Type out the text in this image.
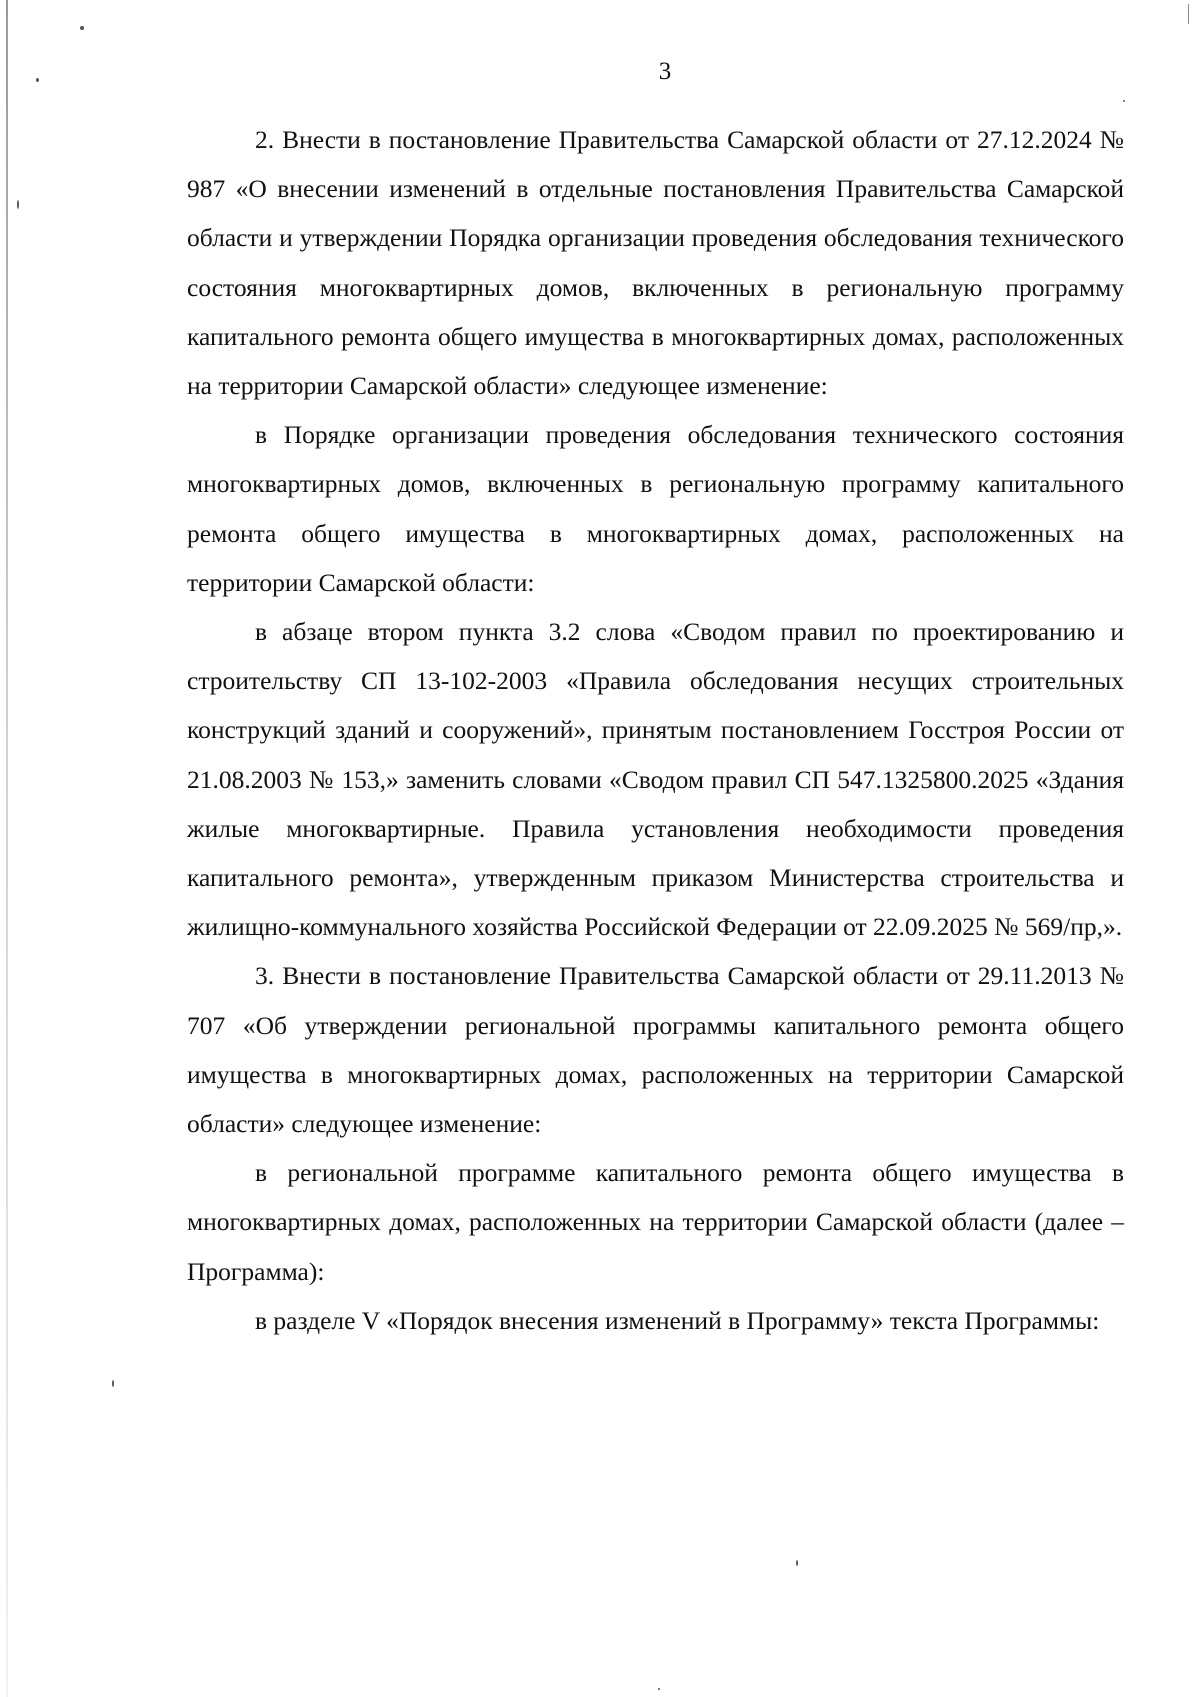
3

2. Внести в постановление Правительства Самарской области от 27.12.2024 № 987 «О внесении изменений в отдельные постановления Правительства Самарской области и утверждении Порядка организации проведения обследования технического состояния многоквартирных домов, включенных в региональную программу капитального ремонта общего имущества в многоквартирных домах, расположенных на территории Самарской области» следующее изменение:

в Порядке организации проведения обследования технического состояния многоквартирных домов, включенных в региональную программу капитального ремонта общего имущества в многоквартирных домах, расположенных на территории Самарской области:

в абзаце втором пункта 3.2 слова «Сводом правил по проектированию и строительству СП 13-102-2003 «Правила обследования несущих строительных конструкций зданий и сооружений», принятым постановлением Госстроя России от 21.08.2003 № 153,» заменить словами «Сводом правил СП 547.1325800.2025 «Здания жилые многоквартирные. Правила установления необходимости проведения капитального ремонта», утвержденным приказом Министерства строительства и жилищно-коммунального хозяйства Российской Федерации от 22.09.2025 № 569/пр,».

3. Внести в постановление Правительства Самарской области от 29.11.2013 № 707 «Об утверждении региональной программы капитального ремонта общего имущества в многоквартирных домах, расположенных на территории Самарской области» следующее изменение:

в региональной программе капитального ремонта общего имущества в многоквартирных домах, расположенных на территории Самарской области (далее – Программа):

в разделе V «Порядок внесения изменений в Программу» текста Программы:
